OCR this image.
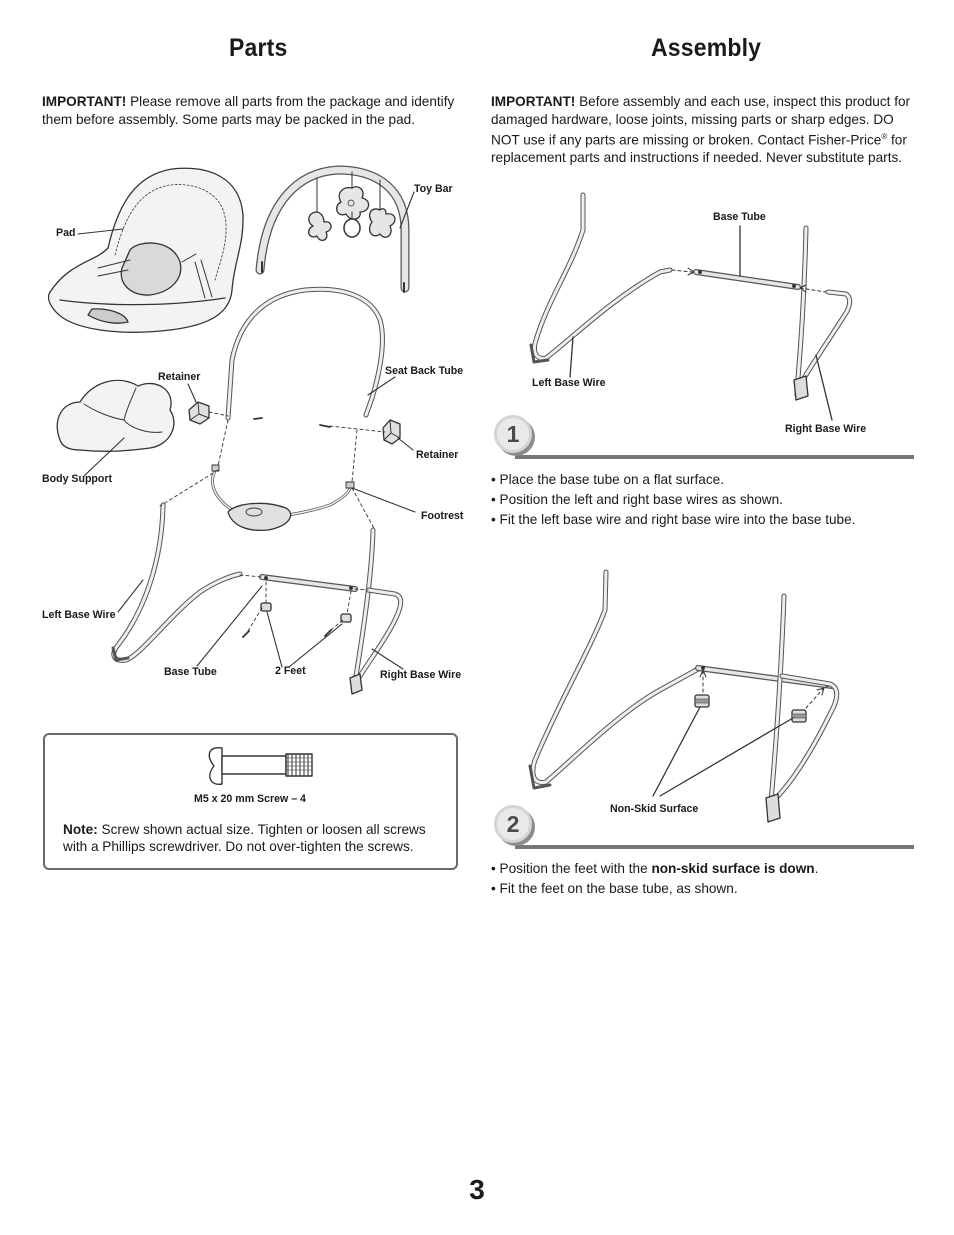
Parts	Assembly
IMPORTANT! Please remove all parts from the package and identify them before assembly. Some parts may be packed in the pad.
IMPORTANT! Before assembly and each use, inspect this product for damaged hardware, loose joints, missing parts or sharp edges. DO NOT use if any parts are missing or broken. Contact Fisher-Price® for replacement parts and instructions if needed. Never substitute parts.
Pad
Toy Bar
Retainer	Seat Back Tube
Retainer
Body Support
Footrest
Left Base Wire
Base Tube	2 Feet	Right Base Wire
M5 x 20 mm Screw – 4
Note: Screw shown actual size. Tighten or loosen all screws with a Phillips screwdriver. Do not over-tighten the screws.
Base Tube
Left Base Wire
Right Base Wire
1
• Place the base tube on a flat surface.
• Position the left and right base wires as shown.
• Fit the left base wire and right base wire into the base tube.
Non-Skid Surface
2
• Position the feet with the non-skid surface is down.
• Fit the feet on the base tube, as shown.
3
